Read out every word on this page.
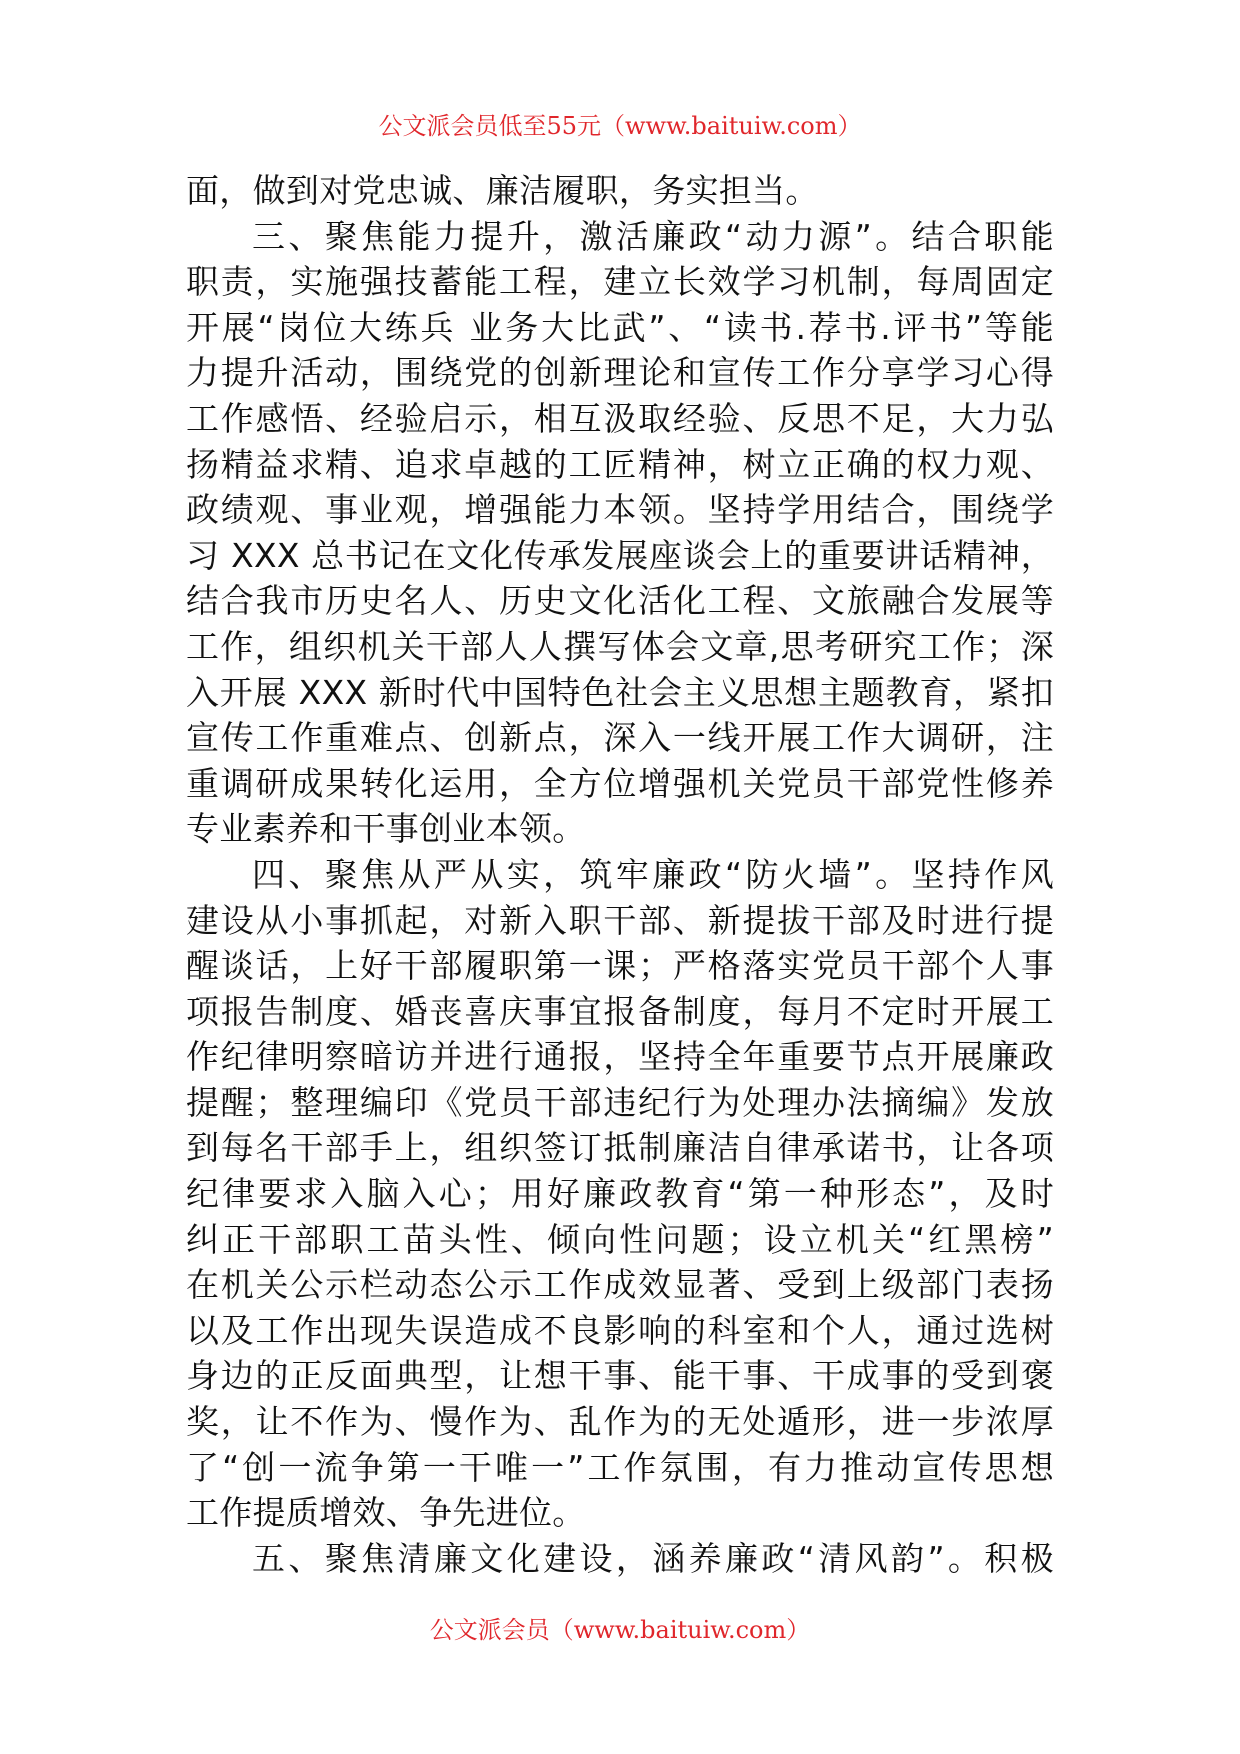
公文派会员低至55元（www.baituiw.com）
面，做到对党忠诚、廉洁履职，务实担当。
三、聚焦能力提升，激活廉政“动力源”。结合职能
职责，实施强技蓄能工程，建立长效学习机制，每周固定
开展“岗位大练兵 业务大比武”、“读书.荐书.评书”等能
力提升活动，围绕党的创新理论和宣传工作分享学习心得
工作感悟、经验启示，相互汲取经验、反思不足，大力弘
扬精益求精、追求卓越的工匠精神，树立正确的权力观、
政绩观、事业观，增强能力本领。坚持学用结合，围绕学
习 XXX 总书记在文化传承发展座谈会上的重要讲话精神，
结合我市历史名人、历史文化活化工程、文旅融合发展等
工作，组织机关干部人人撰写体会文章,思考研究工作；深
入开展 XXX 新时代中国特色社会主义思想主题教育，紧扣
宣传工作重难点、创新点，深入一线开展工作大调研，注
重调研成果转化运用，全方位增强机关党员干部党性修养
专业素养和干事创业本领。
四、聚焦从严从实，筑牢廉政“防火墙”。坚持作风
建设从小事抓起，对新入职干部、新提拔干部及时进行提
醒谈话，上好干部履职第一课；严格落实党员干部个人事
项报告制度、婚丧喜庆事宜报备制度，每月不定时开展工
作纪律明察暗访并进行通报，坚持全年重要节点开展廉政
提醒；整理编印《党员干部违纪行为处理办法摘编》发放
到每名干部手上，组织签订抵制廉洁自律承诺书，让各项
纪律要求入脑入心；用好廉政教育“第一种形态”，及时
纠正干部职工苗头性、倾向性问题；设立机关“红黑榜”
在机关公示栏动态公示工作成效显著、受到上级部门表扬
以及工作出现失误造成不良影响的科室和个人，通过选树
身边的正反面典型，让想干事、能干事、干成事的受到褒
奖，让不作为、慢作为、乱作为的无处遁形，进一步浓厚
了“创一流争第一干唯一”工作氛围，有力推动宣传思想
工作提质增效、争先进位。
五、聚焦清廉文化建设，涵养廉政“清风韵”。积极
公文派会员（www.baituiw.com）
